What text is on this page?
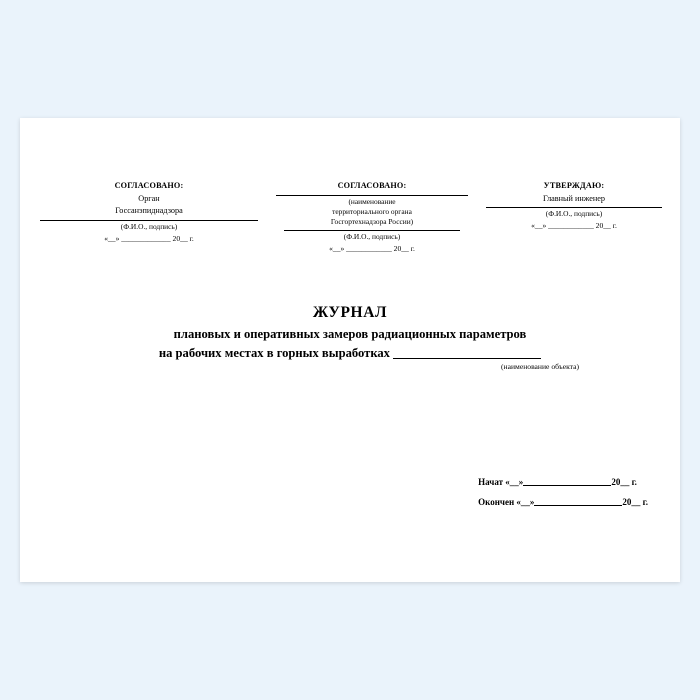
СОГЛАСОВАНО:
Орган
Госсанэпиднадзора
(Ф.И.О., подпись)
«__» _____________ 20__ г.
СОГЛАСОВАНО:
(наименование
территориального органа
Госгортехнадзора России)
(Ф.И.О., подпись)
«__» ____________ 20__ г.
УТВЕРЖДАЮ:
Главный инженер
(Ф.И.О., подпись)
«__» ____________ 20__ г.
ЖУРНАЛ
плановых и оперативных замеров радиационных параметров
на рабочих местах в горных выработках
(наименование объекта)
Начат «__»	20__ г.
Окончен «__»	20__ г.
